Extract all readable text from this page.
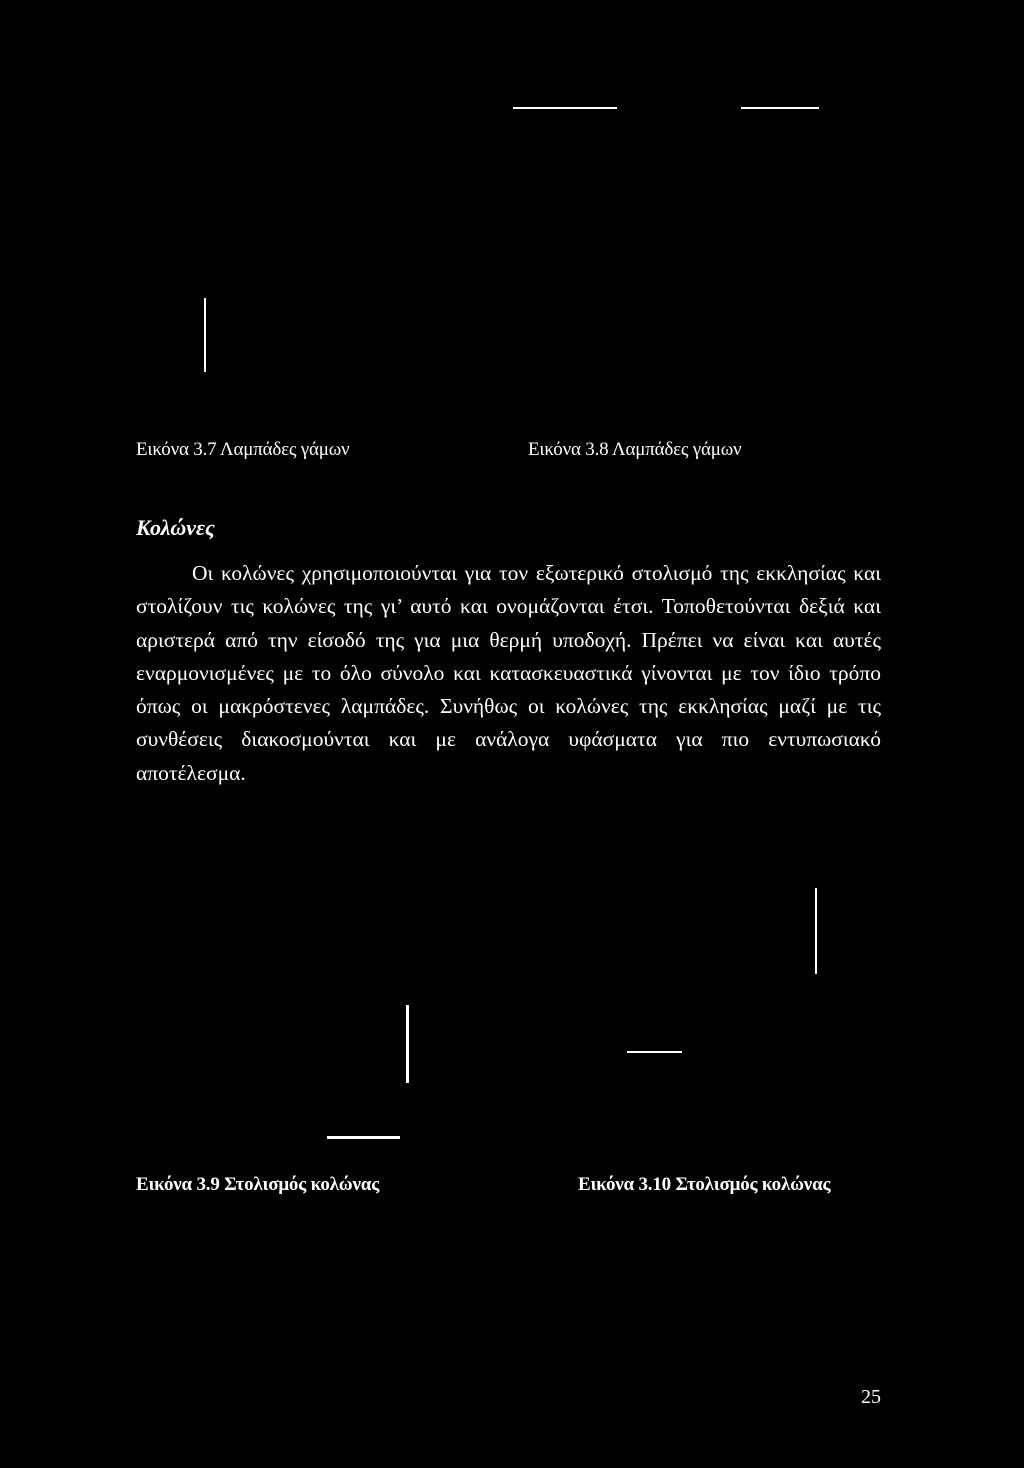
Εικόνα 3.7 Λαμπάδες γάμων	Εικόνα 3.8 Λαμπάδες γάμων
Κολώνες

Οι κολώνες χρησιμοποιούνται για τον εξωτερικό στολισμό της εκκλησίας και στολίζουν τις κολώνες της γι’ αυτό και ονομάζονται έτσι. Τοποθετούνται δεξιά και αριστερά από την είσοδό της για μια θερμή υποδοχή. Πρέπει να είναι και αυτές εναρμονισμένες με το όλο σύνολο και κατασκευαστικά γίνονται με τον ίδιο τρόπο όπως οι μακρόστενες λαμπάδες. Συνήθως οι κολώνες της εκκλησίας μαζί με τις συνθέσεις διακοσμούνται και με ανάλογα υφάσματα για πιο εντυπωσιακό αποτέλεσμα.

Εικόνα 3.9 Στολισμός κολώνας	Εικόνα 3.10 Στολισμός κολώνας
25
